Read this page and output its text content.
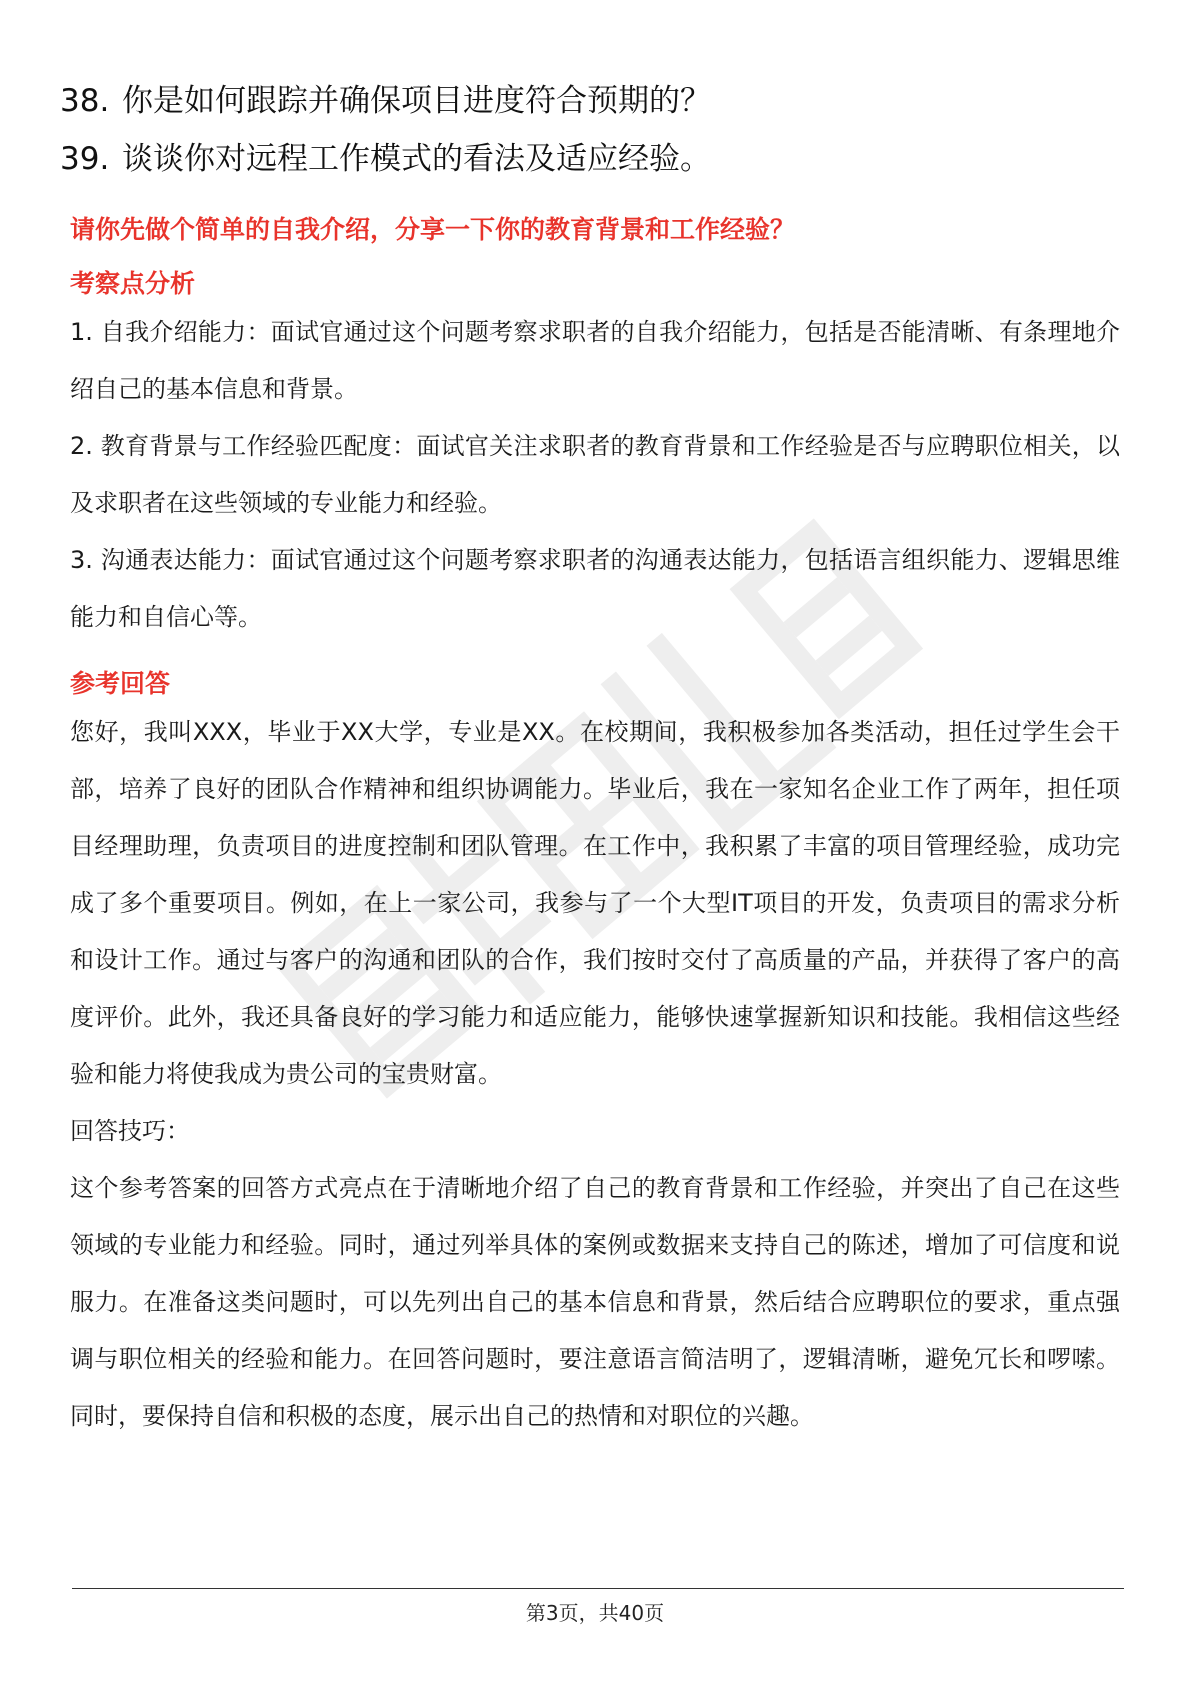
38. 你是如何跟踪并确保项目进度符合预期的？
39. 谈谈你对远程工作模式的看法及适应经验。
请你先做个简单的自我介绍，分享一下你的教育背景和工作经验？
考察点分析
1. 自我介绍能力：面试官通过这个问题考察求职者的自我介绍能力，包括是否能清晰、有条理地介绍自己的基本信息和背景。
2. 教育背景与工作经验匹配度：面试官关注求职者的教育背景和工作经验是否与应聘职位相关，以及求职者在这些领域的专业能力和经验。
3. 沟通表达能力：面试官通过这个问题考察求职者的沟通表达能力，包括语言组织能力、逻辑思维能力和自信心等。
参考回答
您好，我叫XXX，毕业于XX大学，专业是XX。在校期间，我积极参加各类活动，担任过学生会干部，培养了良好的团队合作精神和组织协调能力。毕业后，我在一家知名企业工作了两年，担任项目经理助理，负责项目的进度控制和团队管理。在工作中，我积累了丰富的项目管理经验，成功完成了多个重要项目。例如，在上一家公司，我参与了一个大型IT项目的开发，负责项目的需求分析和设计工作。通过与客户的沟通和团队的合作，我们按时交付了高质量的产品，并获得了客户的高度评价。此外，我还具备良好的学习能力和适应能力，能够快速掌握新知识和技能。我相信这些经验和能力将使我成为贵公司的宝贵财富。
回答技巧：
这个参考答案的回答方式亮点在于清晰地介绍了自己的教育背景和工作经验，并突出了自己在这些领域的专业能力和经验。同时，通过列举具体的案例或数据来支持自己的陈述，增加了可信度和说服力。在准备这类问题时，可以先列出自己的基本信息和背景，然后结合应聘职位的要求，重点强调与职位相关的经验和能力。在回答问题时，要注意语言简洁明了，逻辑清晰，避免冗长和啰嗦。同时，要保持自信和积极的态度，展示出自己的热情和对职位的兴趣。
第3页，共40页
